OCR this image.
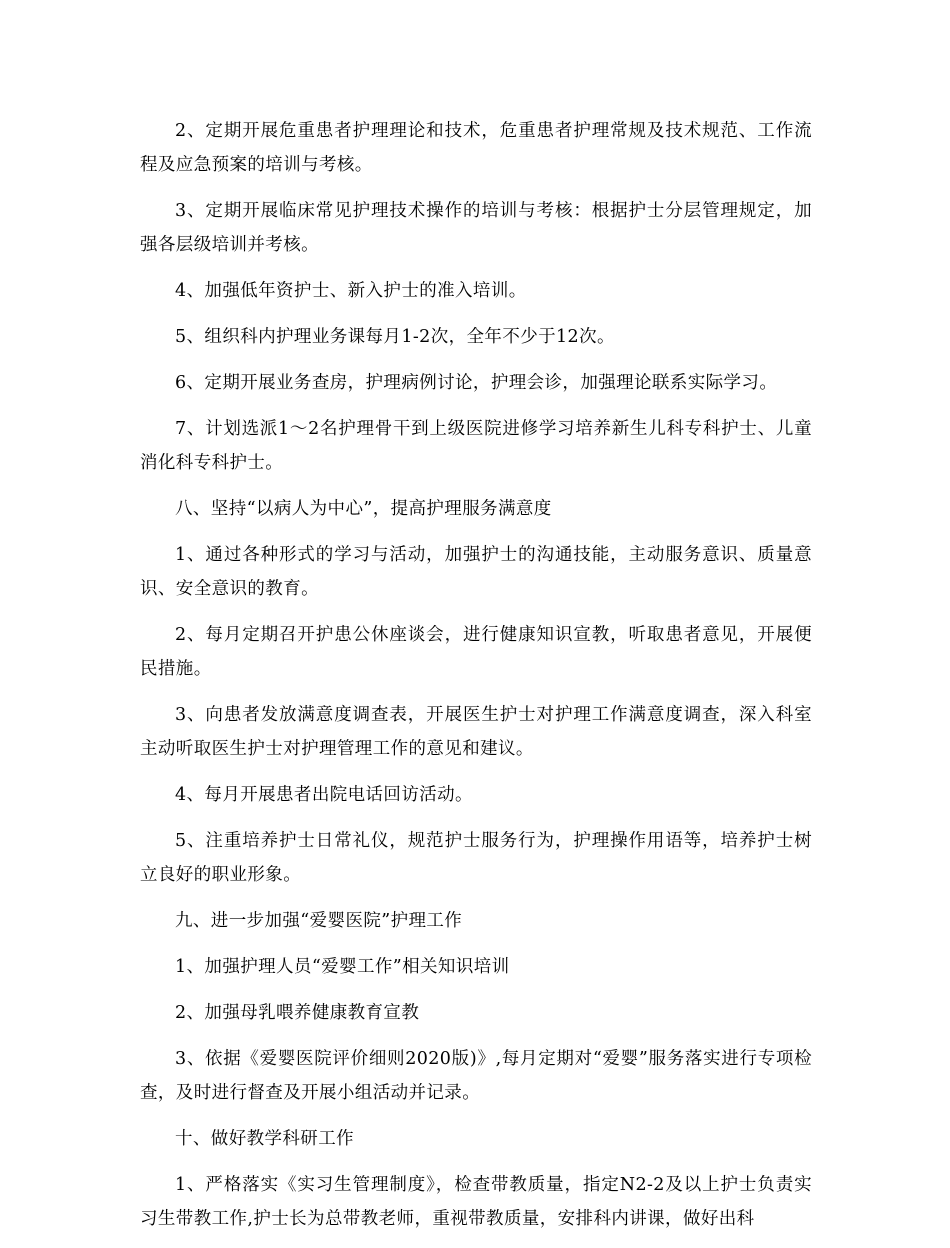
2、定期开展危重患者护理理论和技术，危重患者护理常规及技术规范、工作流程及应急预案的培训与考核。

3、定期开展临床常见护理技术操作的培训与考核：根据护士分层管理规定，加强各层级培训并考核。

4、加强低年资护士、新入护士的准入培训。

5、组织科内护理业务课每月1-2次，全年不少于12次。

6、定期开展业务查房，护理病例讨论，护理会诊，加强理论联系实际学习。

7、计划选派1～2名护理骨干到上级医院进修学习培养新生儿科专科护士、儿童消化科专科护士。

八、坚持“以病人为中心”，提高护理服务满意度

1、通过各种形式的学习与活动，加强护士的沟通技能，主动服务意识、质量意识、安全意识的教育。

2、每月定期召开护患公休座谈会，进行健康知识宣教，听取患者意见，开展便民措施。

3、向患者发放满意度调查表，开展医生护士对护理工作满意度调查，深入科室主动听取医生护士对护理管理工作的意见和建议。

4、每月开展患者出院电话回访活动。

5、注重培养护士日常礼仪，规范护士服务行为，护理操作用语等，培养护士树立良好的职业形象。

九、进一步加强“爱婴医院”护理工作

1、加强护理人员“爱婴工作”相关知识培训

2、加强母乳喂养健康教育宣教

3、依据《爱婴医院评价细则2020版)》,每月定期对“爱婴”服务落实进行专项检查，及时进行督查及开展小组活动并记录。

十、做好教学科研工作

1、严格落实《实习生管理制度》，检查带教质量，指定N2-2及以上护士负责实习生带教工作,护士长为总带教老师，重视带教质量，安排科内讲课，做好出科
